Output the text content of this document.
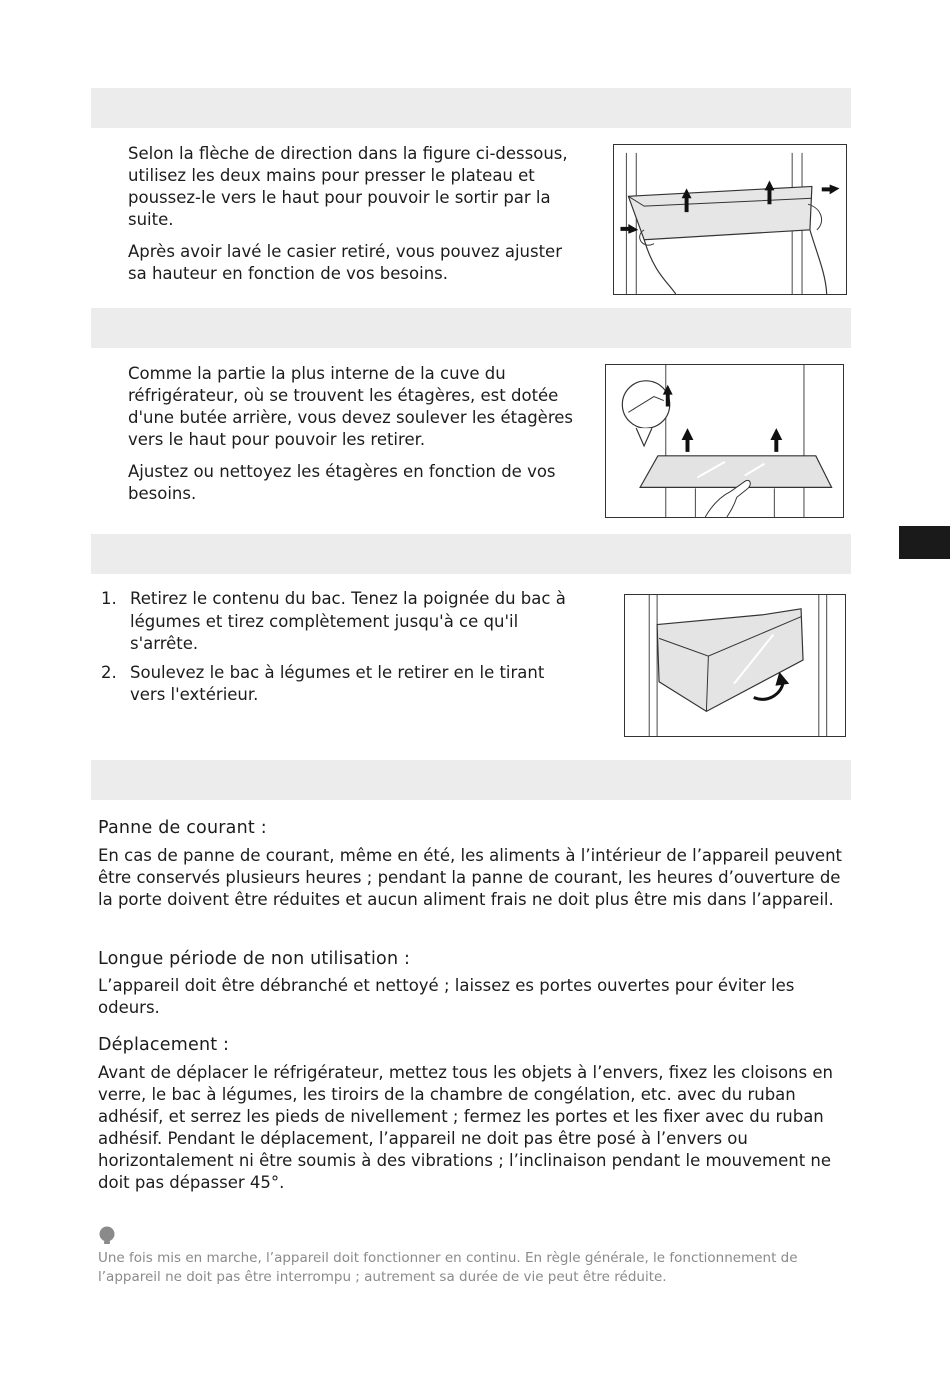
Selon la flèche de direction dans la figure ci-dessous, utilisez les deux mains pour presser le plateau et poussez-le vers le haut pour pouvoir le sortir par la suite.

Après avoir lavé le casier retiré, vous pouvez ajuster sa hauteur en fonction de vos besoins.

Comme la partie la plus interne de la cuve du réfrigérateur, où se trouvent les étagères, est dotée d'une butée arrière, vous devez soulever les étagères vers le haut pour pouvoir les retirer.

Ajustez ou nettoyez les étagères en fonction de vos besoins.

1. Retirez le contenu du bac. Tenez la poignée du bac à légumes et tirez complètement jusqu'à ce qu'il s'arrête.
2. Soulevez le bac à légumes et le retirer en le tirant vers l'extérieur.
Panne de courant :

En cas de panne de courant, même en été, les aliments à l’intérieur de l’appareil peuvent être conservés plusieurs heures ; pendant la panne de courant, les heures d’ouverture de la porte doivent être réduites et aucun aliment frais ne doit plus être mis dans l’appareil.

Longue période de non utilisation :

L’appareil doit être débranché et nettoyé ; laissez es portes ouvertes pour éviter les odeurs.

Déplacement :

Avant de déplacer le réfrigérateur, mettez tous les objets à l’envers, fixez les cloisons en verre, le bac à légumes, les tiroirs de la chambre de congélation, etc. avec du ruban adhésif, et serrez les pieds de nivellement ; fermez les portes et les fixer avec du ruban adhésif. Pendant le déplacement, l’appareil ne doit pas être posé à l’envers ou horizontalement ni être soumis à des vibrations ; l’inclinaison pendant le mouvement ne doit pas dépasser 45°.

Une fois mis en marche, l’appareil doit fonctionner en continu. En règle générale, le fonctionnement de l’appareil ne doit pas être interrompu ; autrement sa durée de vie peut être réduite.
